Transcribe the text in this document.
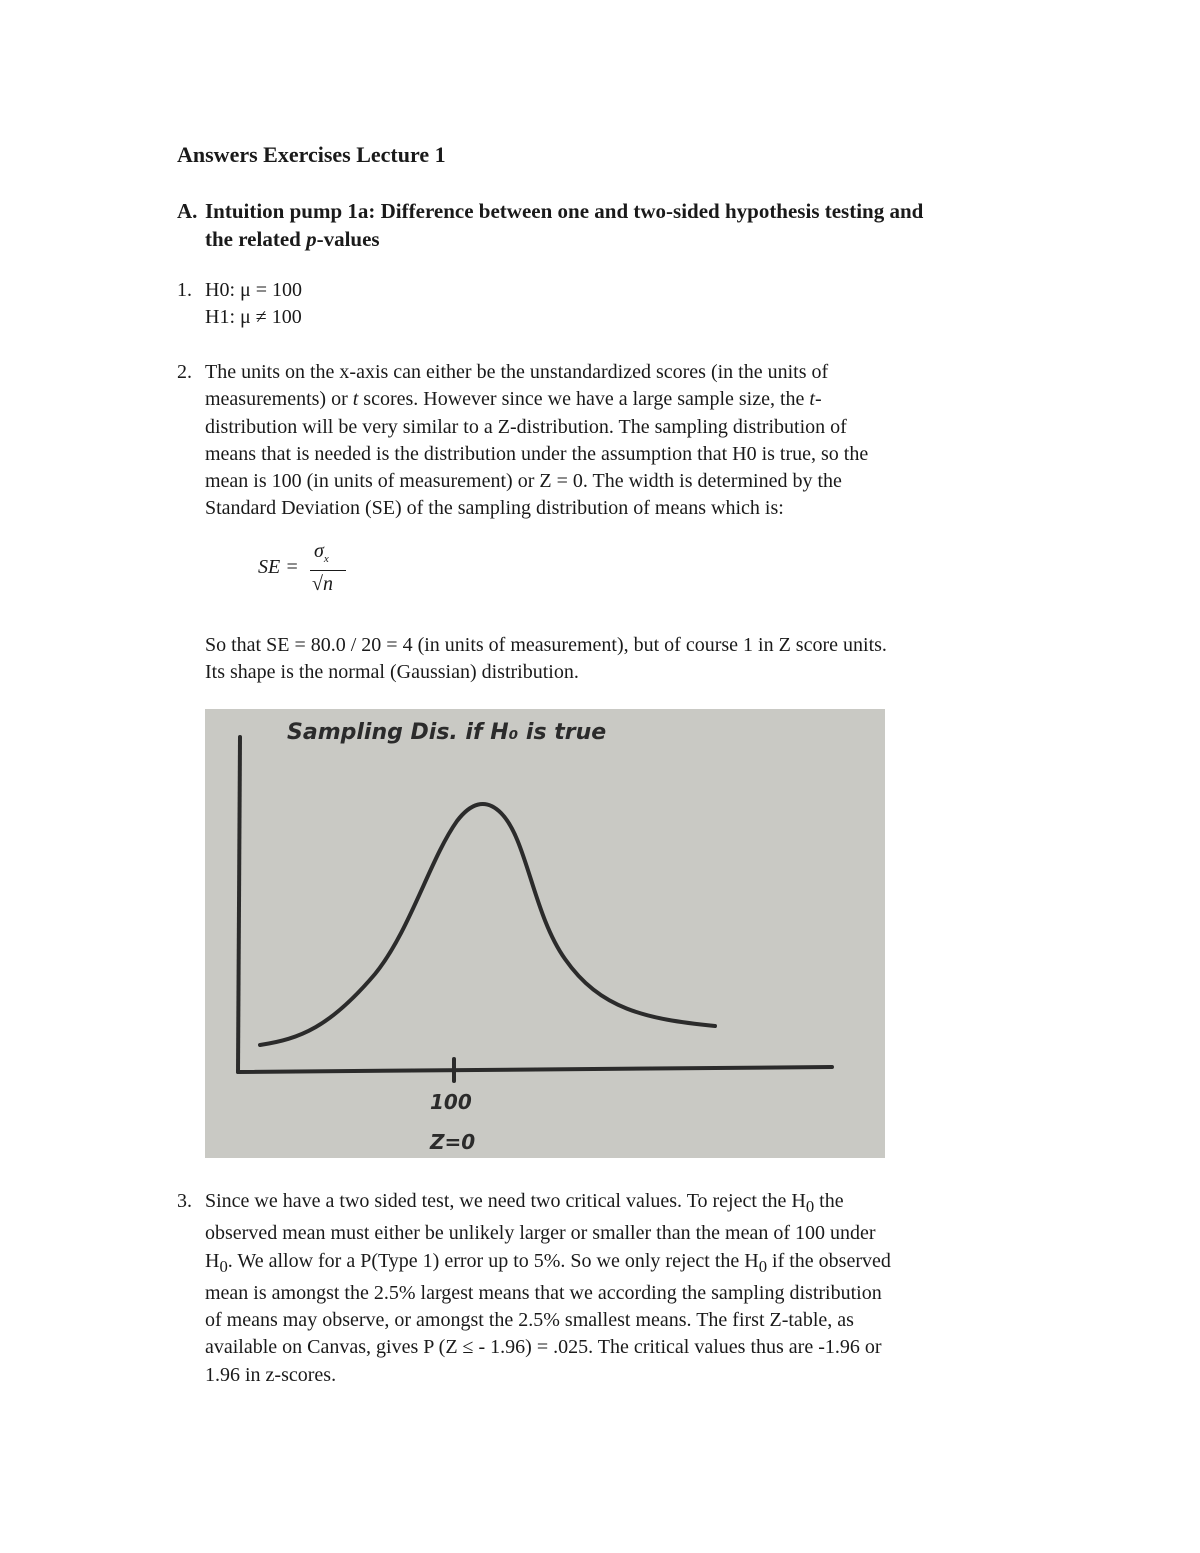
Answers Exercises Lecture 1
A. Intuition pump 1a: Difference between one and two-sided hypothesis testing and
the related p-values
1. H0: μ = 100
H1: μ ≠ 100
2. The units on the x-axis can either be the unstandardized scores (in the units of
measurements) or t scores. However since we have a large sample size, the t-
distribution will be very similar to a Z-distribution. The sampling distribution of
means that is needed is the distribution under the assumption that H0 is true, so the
mean is 100 (in units of measurement) or Z = 0. The width is determined by the
Standard Deviation (SE) of the sampling distribution of means which is:
SE =
$\sigma_x$
√n
So that SE = 80.0 / 20 = 4 (in units of measurement), but of course 1 in Z score units.
Its shape is the normal (Gaussian) distribution.
Sampling Dis. if H₀ is true
100
Z=0
3. Since we have a two sided test, we need two critical values. To reject the $H_0$ the
observed mean must either be unlikely larger or smaller than the mean of 100 under
$H_0$. We allow for a P(Type 1) error up to 5%. So we only reject the $H_0$ if the observed
mean is amongst the 2.5% largest means that we according the sampling distribution
of means may observe, or amongst the 2.5% smallest means. The first Z-table, as
available on Canvas, gives P (Z ≤ - 1.96) = .025. The critical values thus are -1.96 or
1.96 in z-scores.
